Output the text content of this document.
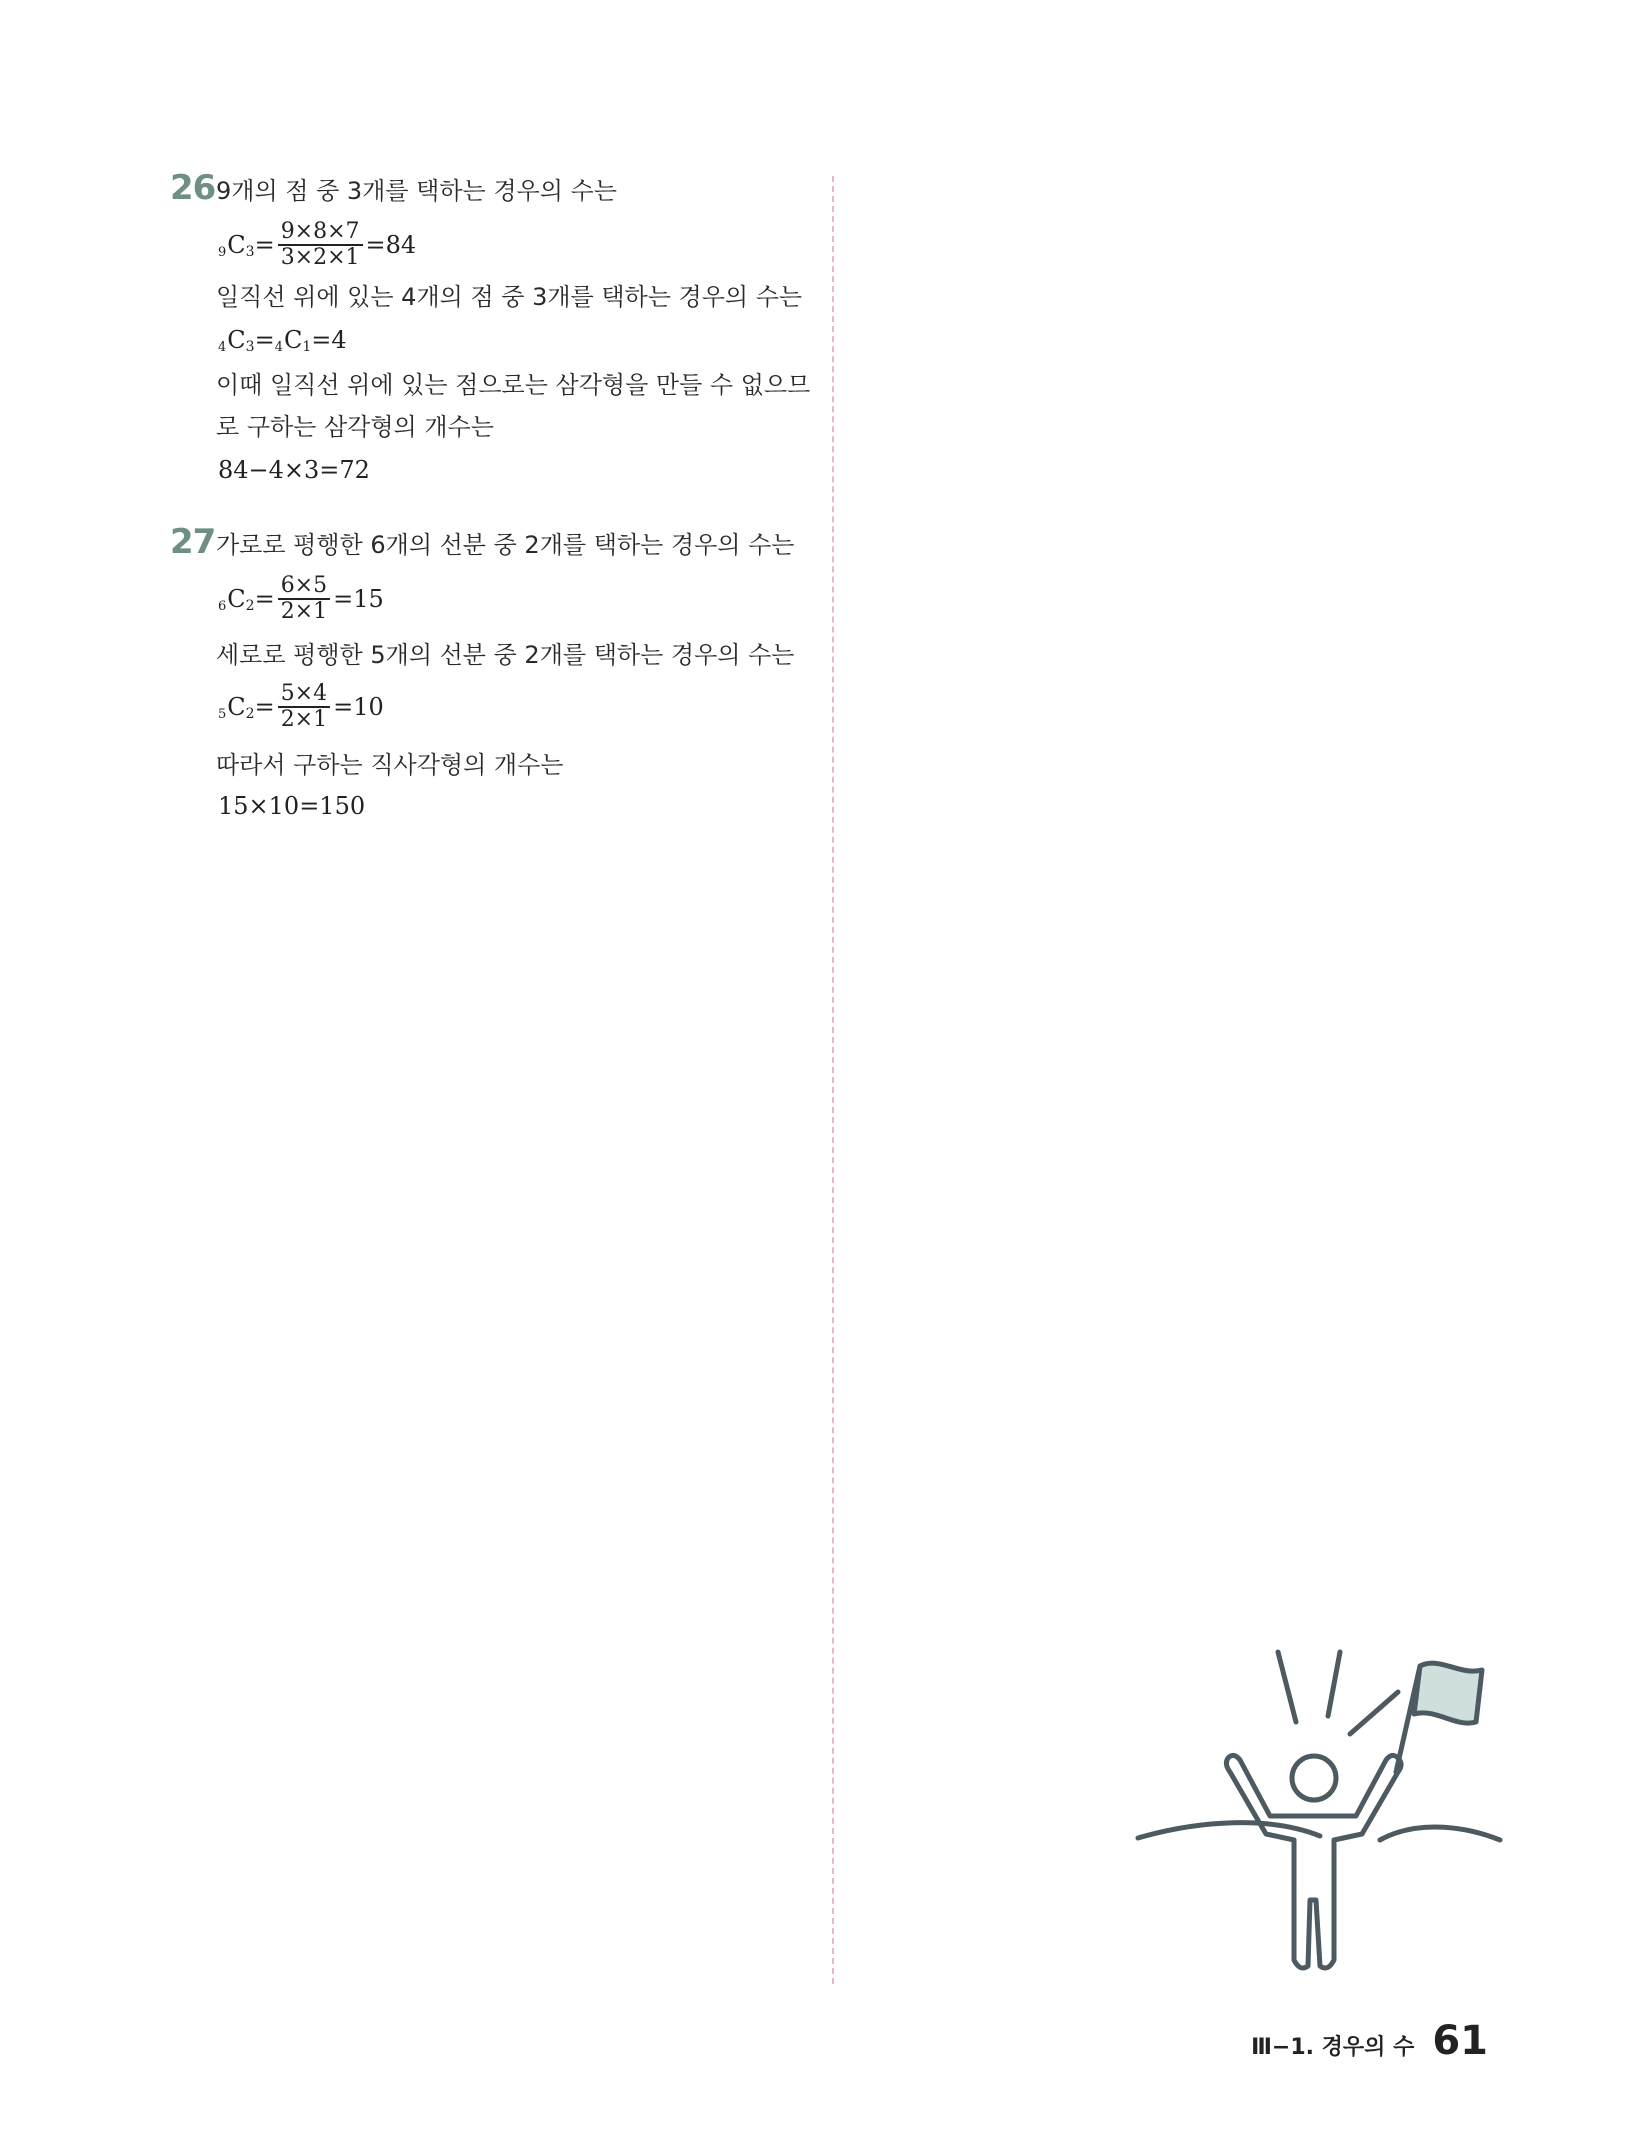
26 9개의 점 중 3개를 택하는 경우의 수는
9 C $3 = \frac{9\times 8\times 7}{3\times 2\times 1} =84$
일직선 위에 있는 4개의 점 중 3개를 택하는 경우의 수는
4 C 3 = 4 C 1 =4
이때 일직선 위에 있는 점으로는 삼각형을 만들 수 없으므
로 구하는 삼각형의 개수는
84−4×3=72
27 가로로 평행한 6개의 선분 중 2개를 택하는 경우의 수는
6 C $2 = \frac{6\times 5}{2\times 1} =15$
세로로 평행한 5개의 선분 중 2개를 택하는 경우의 수는
5 C $2 = \frac{5\times 4}{2\times 1} =10$
따라서 구하는 직사각형의 개수는
15×10=150
Ⅲ−1. 경우의 수 61
